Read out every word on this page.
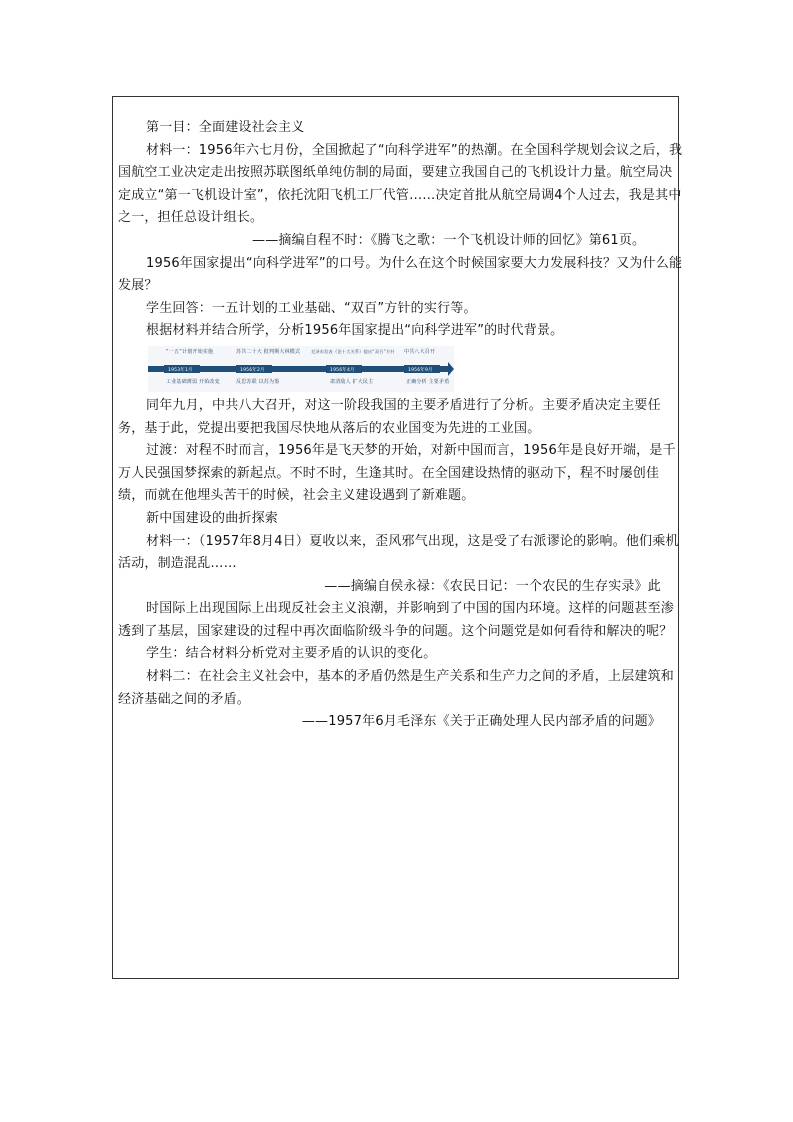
第一目：全面建设社会主义

材料一：1956年六七月份，全国掀起了“向科学进军”的热潮。在全国科学规划会议之后，我国航空工业决定走出按照苏联图纸单纯仿制的局面，要建立我国自己的飞机设计力量。航空局决定成立“第一飞机设计室”，依托沈阳飞机工厂代管……决定首批从航空局调4个人过去，我是其中之一，担任总设计组长。

——摘编自程不时：《腾飞之歌：一个飞机设计师的回忆》第61页。

1956年国家提出“向科学进军”的口号。为什么在这个时候国家要大力发展科技？又为什么能发展？

学生回答：一五计划的工业基础、“双百”方针的实行等。

根据材料并结合所学，分析1956年国家提出“向科学进军”的时代背景。

“一五”计划开始实施
1953年1月
工业基础薄弱 开始改变
苏共二十大 批判斯大林模式
1956年2月
反思苏联 以苏为鉴
毛泽东发表《论十大关系》提出“双百”方针
1956年4月
肃清敌人 扩大民主
中共八大召开
1956年9月
正确分析 主要矛盾

同年九月，中共八大召开，对这一阶段我国的主要矛盾进行了分析。主要矛盾决定主要任务，基于此，党提出要把我国尽快地从落后的农业国变为先进的工业国。

过渡：对程不时而言，1956年是飞天梦的开始，对新中国而言，1956年是良好开端，是千万人民强国梦探索的新起点。不时不时，生逢其时。在全国建设热情的驱动下，程不时屡创佳绩，而就在他埋头苦干的时候，社会主义建设遇到了新难题。

新中国建设的曲折探索

材料一：（1957年8月4日）夏收以来，歪风邪气出现，这是受了右派谬论的影响。他们乘机活动，制造混乱……

——摘编自侯永禄：《农民日记：一个农民的生存实录》此

时国际上出现国际上出现反社会主义浪潮，并影响到了中国的国内环境。这样的问题甚至渗透到了基层，国家建设的过程中再次面临阶级斗争的问题。这个问题党是如何看待和解决的呢？

学生：结合材料分析党对主要矛盾的认识的变化。

材料二：在社会主义社会中，基本的矛盾仍然是生产关系和生产力之间的矛盾，上层建筑和经济基础之间的矛盾。

——1957年6月毛泽东《关于正确处理人民内部矛盾的问题》
